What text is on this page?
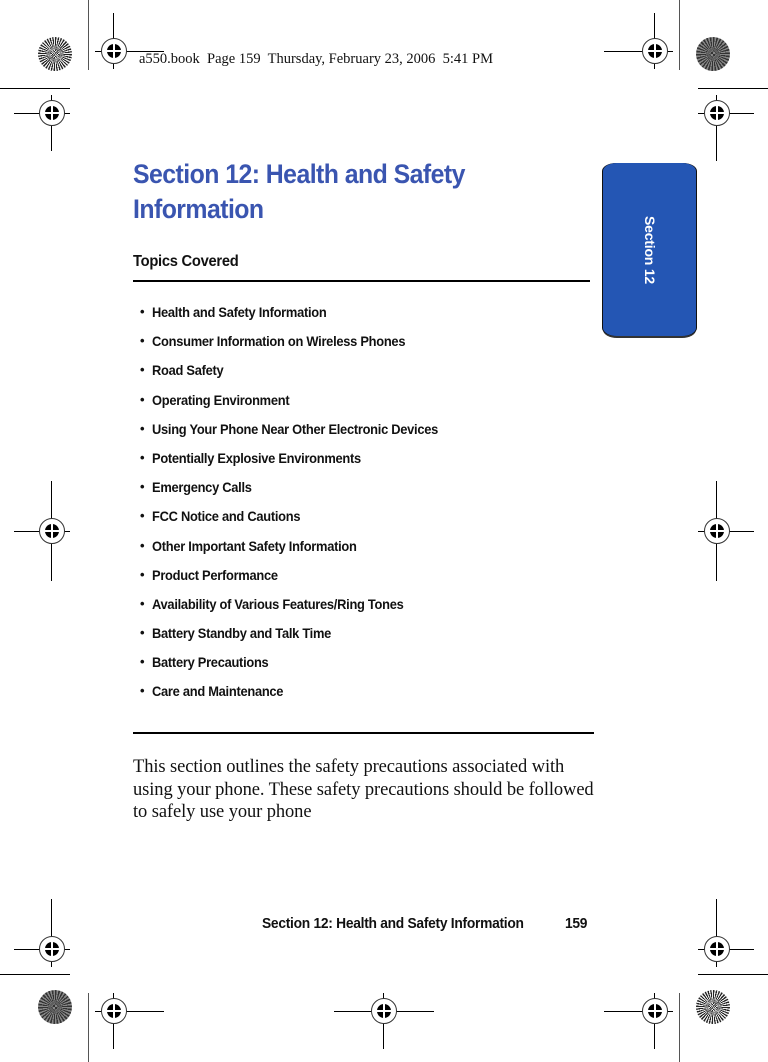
a550.book  Page 159  Thursday, February 23, 2006  5:41 PM
Section 12
Section 12: Health and Safety Information
Topics Covered
• Health and Safety Information
• Consumer Information on Wireless Phones
• Road Safety
• Operating Environment
• Using Your Phone Near Other Electronic Devices
• Potentially Explosive Environments
• Emergency Calls
• FCC Notice and Cautions
• Other Important Safety Information
• Product Performance
• Availability of Various Features/Ring Tones
• Battery Standby and Talk Time
• Battery Precautions
• Care and Maintenance

This section outlines the safety precautions associated with using your phone. These safety precautions should be followed to safely use your phone

Section 12: Health and Safety Information	159
